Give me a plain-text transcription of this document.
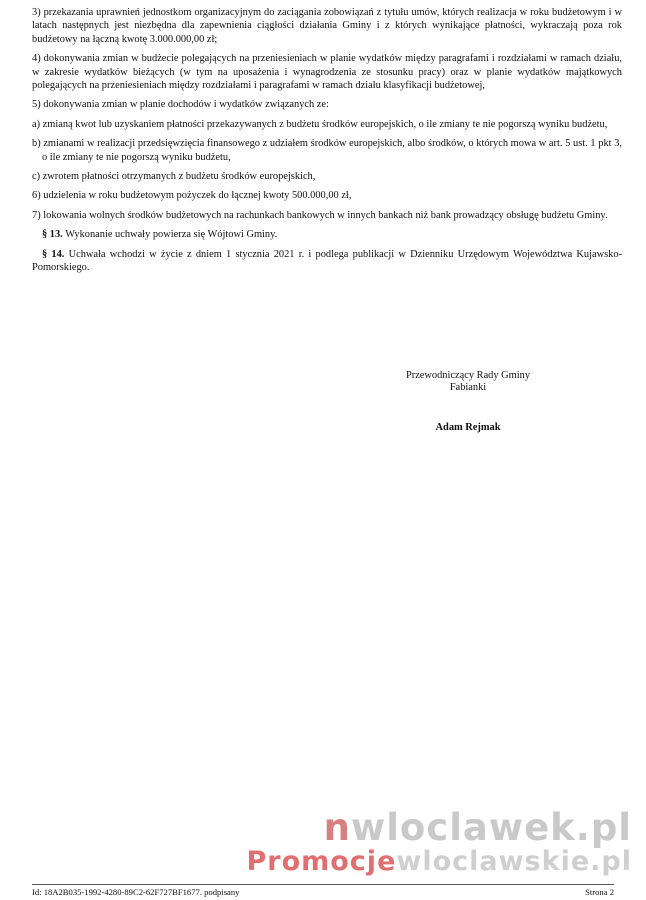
3) przekazania uprawnień jednostkom organizacyjnym do zaciągania zobowiązań z tytułu umów, których realizacja w roku budżetowym i w latach następnych jest niezbędna dla zapewnienia ciągłości działania Gminy i z których wynikające płatności, wykraczają poza rok budżetowy na łączną kwotę 3.000.000,00 zł;

4) dokonywania zmian w budżecie polegających na przeniesieniach w planie wydatków między paragrafami i rozdziałami w ramach działu, w zakresie wydatków bieżących (w tym na uposażenia i wynagrodzenia ze stosunku pracy) oraz w planie wydatków majątkowych polegających na przeniesieniach między rozdziałami i paragrafami w ramach działu klasyfikacji budżetowej,

5) dokonywania zmian w planie dochodów i wydatków związanych ze:

a) zmianą kwot lub uzyskaniem płatności przekazywanych z budżetu środków europejskich, o ile zmiany te nie pogorszą wyniku budżetu,

b) zmianami w realizacji przedsięwzięcia finansowego z udziałem środków europejskich, albo środków, o których mowa w art. 5 ust. 1 pkt 3, o ile zmiany te nie pogorszą wyniku budżetu,

c) zwrotem płatności otrzymanych z budżetu środków europejskich,

6) udzielenia w roku budżetowym pożyczek do łącznej kwoty 500.000,00 zł,

7) lokowania wolnych środków budżetowych na rachunkach bankowych w innych bankach niż bank prowadzący obsługę budżetu Gminy.

§ 13. Wykonanie uchwały powierza się Wójtowi Gminy.

§ 14. Uchwała wchodzi w życie z dniem 1 stycznia 2021 r. i podlega publikacji w Dzienniku Urzędowym Województwa Kujawsko-Pomorskiego.

Przewodniczący Rady Gminy
Fabianki
Adam Rejmak
nwloclawek.pl
Promocjewloclawskie.pl
Id: 18A2B035-1992-4280-89C2-62F727BF1677. podpisany	Strona 2
